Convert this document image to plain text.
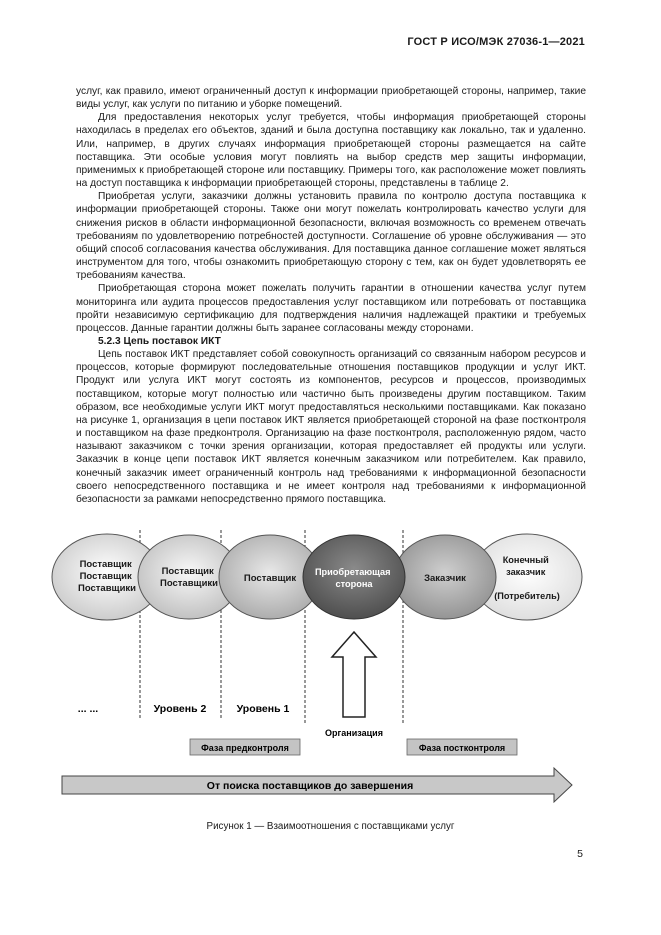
ГОСТ Р ИСО/МЭК 27036-1—2021

услуг, как правило, имеют ограниченный доступ к информации приобретающей стороны, например, такие виды услуг, как услуги по питанию и уборке помещений.

Для предоставления некоторых услуг требуется, чтобы информация приобретающей стороны находилась в пределах его объектов, зданий и была доступна поставщику как локально, так и удаленно. Или, например, в других случаях информация приобретающей стороны размещается на сайте поставщика. Эти особые условия могут повлиять на выбор средств мер защиты информации, применимых к приобретающей стороне или поставщику. Примеры того, как расположение может повлиять на доступ поставщика к информации приобретающей стороны, представлены в таблице 2.

Приобретая услуги, заказчики должны установить правила по контролю доступа поставщика к информации приобретающей стороны. Также они могут пожелать контролировать качество услуги для снижения рисков в области информационной безопасности, включая возможность со временем отвечать требованиям по удовлетворению потребностей доступности. Соглашение об уровне обслуживания — это общий способ согласования качества обслуживания. Для поставщика данное соглашение может являться инструментом для того, чтобы ознакомить приобретающую сторону с тем, как он будет удовлетворять ее требованиям качества.

Приобретающая сторона может пожелать получить гарантии в отношении качества услуг путем мониторинга или аудита процессов предоставления услуг поставщиком или потребовать от поставщика пройти независимую сертификацию для подтверждения наличия надлежащей практики и требуемых процессов. Данные гарантии должны быть заранее согласованы между сторонами.

5.2.3 Цепь поставок ИКТ

Цепь поставок ИКТ представляет собой совокупность организаций со связанным набором ресурсов и процессов, которые формируют последовательные отношения поставщиков продукции и услуг ИКТ. Продукт или услуга ИКТ могут состоять из компонентов, ресурсов и процессов, производимых поставщиком, которые могут полностью или частично быть произведены другим поставщиком. Таким образом, все необходимые услуги ИКТ могут предоставляться несколькими поставщиками. Как показано на рисунке 1, организация в цепи поставок ИКТ является приобретающей стороной на фазе постконтроля и поставщиком на фазе предконтроля. Организацию на фазе постконтроля, расположенную рядом, часто называют заказчиком с точки зрения организации, которая предоставляет ей продукты или услуги. Заказчик в конце цепи поставок ИКТ является конечным заказчиком или потребителем. Как правило, конечный заказчик имеет ограниченный контроль над требованиями к информационной безопасности своего непосредственного поставщика и не имеет контроля над требованиями к информационной безопасности за рамками непосредственно прямого поставщика.

Поставщик Поставщик Поставщики
Поставщик Поставщики	Поставщик
Приобретающая сторона	Заказчик
Конечный заказчик (Потребитель)
... ...	Уровень 2	Уровень 1
Организация
Фаза предконтроля	Фаза постконтроля
От поиска поставщиков до завершения
Рисунок 1 — Взаимоотношения с поставщиками услуг
5
